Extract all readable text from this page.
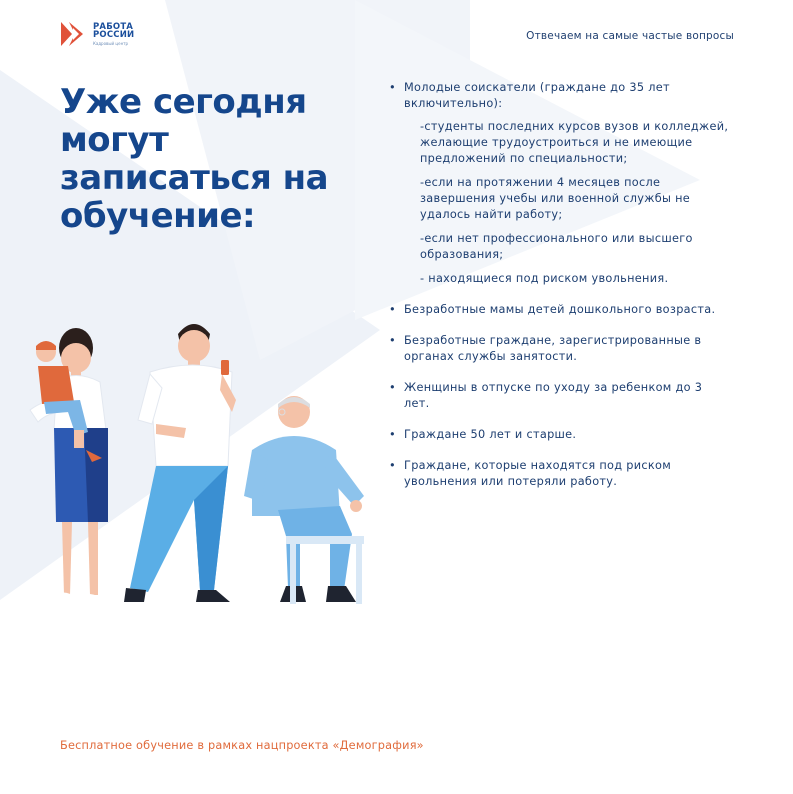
РАБОТА
РОССИИ
Кадровый центр
Отвечаем на самые частые вопросы
Уже сегодня могут записаться на обучение:
• Молодые соискатели (граждане до 35 лет включительно):
-студенты последних курсов вузов и колледжей, желающие трудоустроиться и не имеющие предложений по специальности;
-если на протяжении 4 месяцев после завершения учебы или военной службы не удалось найти работу;
-если нет профессионального или высшего образования;
- находящиеся под риском увольнения.
• Безработные мамы детей дошкольного возраста.
• Безработные граждане, зарегистрированные в органах службы занятости.
• Женщины в отпуске по уходу за ребенком до 3 лет.
• Граждане 50 лет и старше.
• Граждане, которые находятся под риском увольнения или потеряли работу.
Бесплатное обучение в рамках нацпроекта «Демография»
